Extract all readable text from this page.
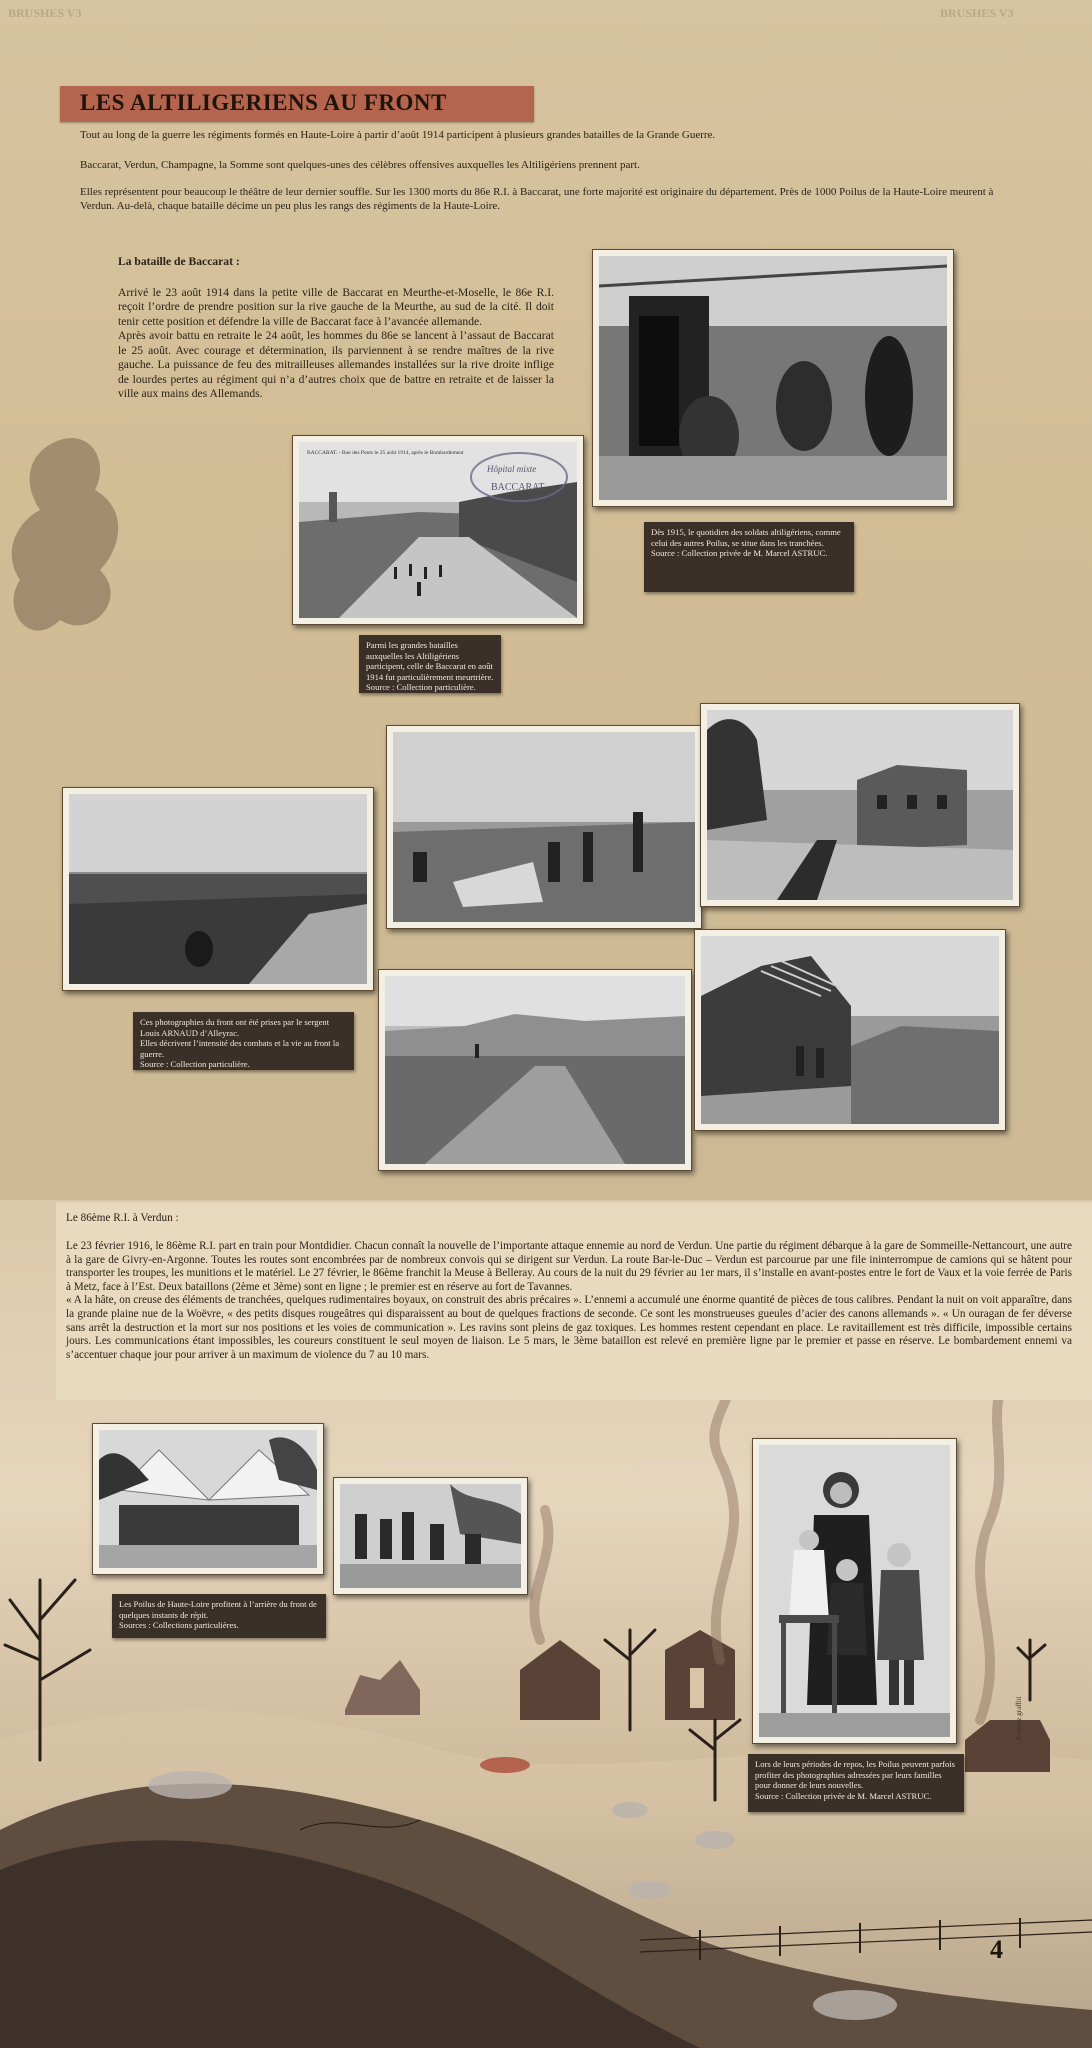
BRUSHES V3	BRUSHES V3
LES ALTILIGERIENS AU FRONT

Tout au long de la guerre les régiments formés en Haute-Loire à partir d’août 1914 participent à plusieurs grandes batailles de la Grande Guerre.

Baccarat, Verdun, Champagne, la Somme sont quelques-unes des célèbres offensives auxquelles les Altiligériens prennent part.

Elles représentent pour beaucoup le théâtre de leur dernier souffle. Sur les 1300 morts du 86e R.I. à Baccarat, une forte majorité est originaire du département. Près de 1000 Poilus de la Haute-Loire meurent à Verdun. Au-delà, chaque bataille décime un peu plus les rangs des régiments de la Haute-Loire.

La bataille de Baccarat :

Arrivé le 23 août 1914 dans la petite ville de Baccarat en Meurthe-et-Moselle, le 86e R.I. reçoit l’ordre de prendre position sur la rive gauche de la Meurthe, au sud de la cité. Il doit tenir cette position et défendre la ville de Baccarat face à l’avancée allemande.

Après avoir battu en retraite le 24 août, les hommes du 86e se lancent à l’assaut de Baccarat le 25 août. Avec courage et détermination, ils parviennent à se rendre maîtres de la rive gauche. La puissance de feu des mitrailleuses allemandes installées sur la rive droite inflige de lourdes pertes au régiment qui n’a d’autres choix que de battre en retraite et de laisser la ville aux mains des Allemands.

Dès 1915, le quotidien des soldats altiligériens, comme celui des autres Poilus, se situe dans les tranchées.
Source : Collection privée de M. Marcel ASTRUC.
BACCARAT. - Rue des Ponts le 25 août 1914, après le Bombardement
Hôpital mixte
BACCARAT
Parmi les grandes batailles auxquelles les Altiligériens participent, celle de Baccarat en août 1914 fut particulièrement meurtrière.
Source : Collection particulière.
Ces photographies du front ont été prises par le sergent Louis ARNAUD d’Alleyrac.
Elles décrivent l’intensité des combats et la vie au front la guerre.
Source : Collection particulière.
Le 86ème R.I. à Verdun :

Le 23 février 1916, le 86ème R.I. part en train pour Montdidier. Chacun connaît la nouvelle de l’importante attaque ennemie au nord de Verdun. Une partie du régiment débarque à la gare de Sommeille-Nettancourt, une autre à la gare de Givry-en-Argonne. Toutes les routes sont encombrées par de nombreux convois qui se dirigent sur Verdun. La route Bar-le-Duc – Verdun est parcourue par une file ininterrompue de camions qui se hâtent pour transporter les troupes, les munitions et le matériel. Le 27 février, le 86ème franchit la Meuse à Belleray. Au cours de la nuit du 29 février au 1er mars, il s’installe en avant-postes entre le fort de Vaux et la voie ferrée de Paris à Metz, face à l’Est. Deux bataillons (2ème et 3ème) sont en ligne ; le premier est en réserve au fort de Tavannes.

« A la hâte, on creuse des éléments de tranchées, quelques rudimentaires boyaux, on construit des abris précaires ». L’ennemi a accumulé une énorme quantité de pièces de tous calibres. Pendant la nuit on voit apparaître, dans la grande plaine nue de la Woëvre, « des petits disques rougeâtres qui disparaissent au bout de quelques fractions de seconde. Ce sont les monstrueuses gueules d’acier des canons allemands ». « Un ouragan de fer déverse sans arrêt la destruction et la mort sur nos positions et les voies de communication ». Les ravins sont pleins de gaz toxiques. Les hommes restent cependant en place. Le ravitaillement est très difficile, impossible certains jours. Les communications étant impossibles, les coureurs constituent le seul moyen de liaison. Le 5 mars, le 3ème bataillon est relevé en première ligne par le premier et passe en réserve. Le bombardement ennemi va s’accentuer chaque jour pour arriver à un maximum de violence du 7 au 10 mars.

Les Poilus de Haute-Loire profitent à l’arrière du front de quelques instants de répit.
Sources : Collections particulières.
Lors de leurs périodes de repos, les Poilus peuvent parfois profiter des photographies adressées par leurs familles pour donner de leurs nouvelles.
Source : Collection privée de M. Marcel ASTRUC.
Ecoutez graffiti
4
